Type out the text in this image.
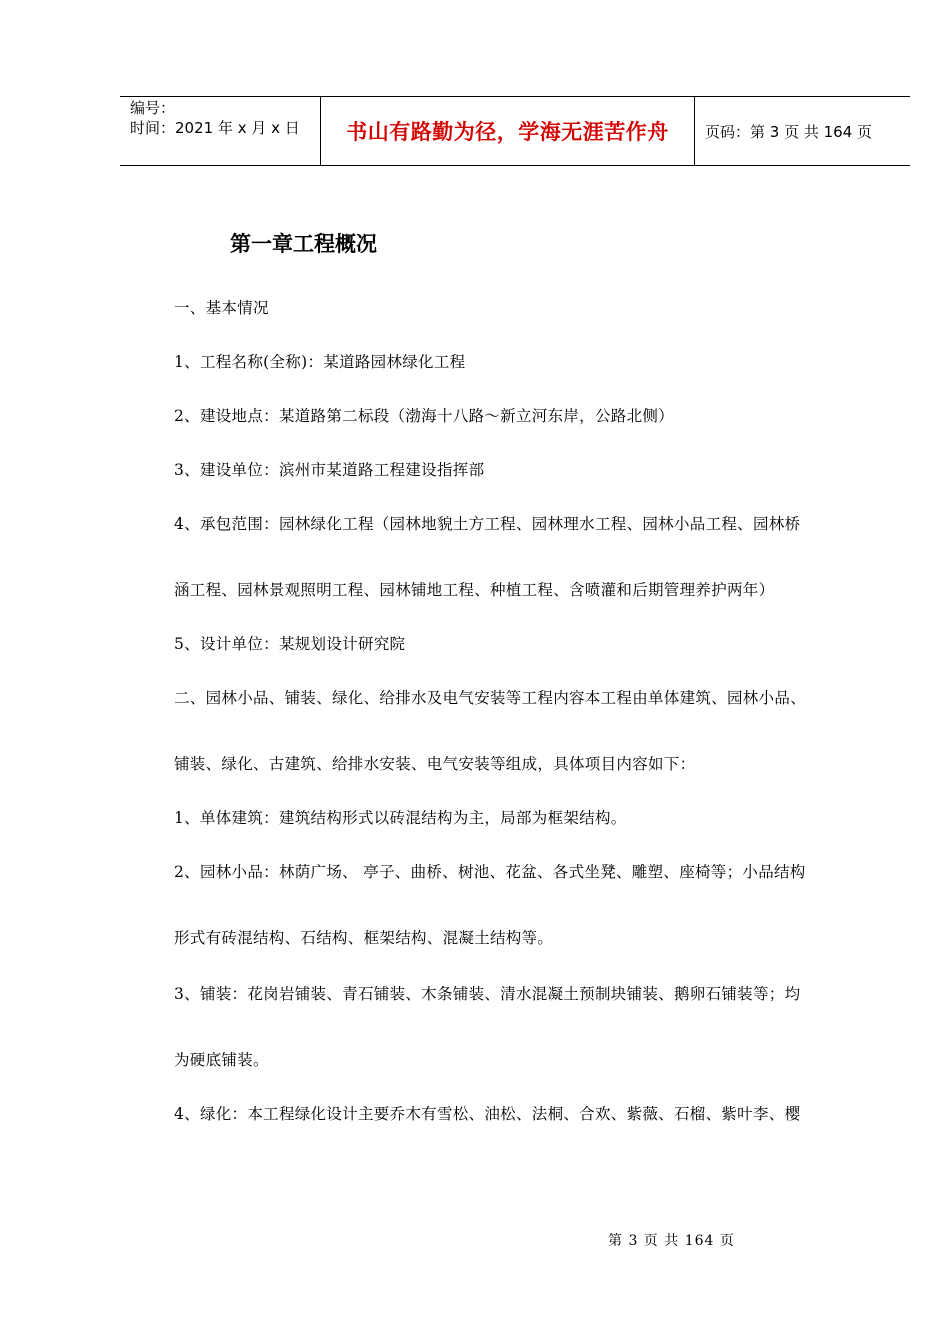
编号：
时间：2021 年 x 月 x 日 书山有路勤为径，学海无涯苦作舟 页码：第 3 页 共 164 页
第一章工程概况
一、基本情况
1、工程名称(全称)：某道路园林绿化工程
2、建设地点：某道路第二标段（渤海十八路～新立河东岸，公路北侧）
3、建设单位：滨州市某道路工程建设指挥部
4、承包范围：园林绿化工程（园林地貌土方工程、园林理水工程、园林小品工程、园林桥
涵工程、园林景观照明工程、园林铺地工程、种植工程、含喷灌和后期管理养护两年）
5、设计单位：某规划设计研究院
二、园林小品、铺装、绿化、给排水及电气安装等工程内容本工程由单体建筑、园林小品、
铺装、绿化、古建筑、给排水安装、电气安装等组成，具体项目内容如下：
1、单体建筑：建筑结构形式以砖混结构为主，局部为框架结构。
2、园林小品：林荫广场、 亭子、曲桥、树池、花盆、各式坐凳、雕塑、座椅等；小品结构
形式有砖混结构、石结构、框架结构、混凝土结构等。
3、铺装：花岗岩铺装、青石铺装、木条铺装、清水混凝土预制块铺装、鹅卵石铺装等；均
为硬底铺装。
4、绿化：本工程绿化设计主要乔木有雪松、油松、法桐、合欢、紫薇、石榴、紫叶李、樱
第 3 页 共 164 页
